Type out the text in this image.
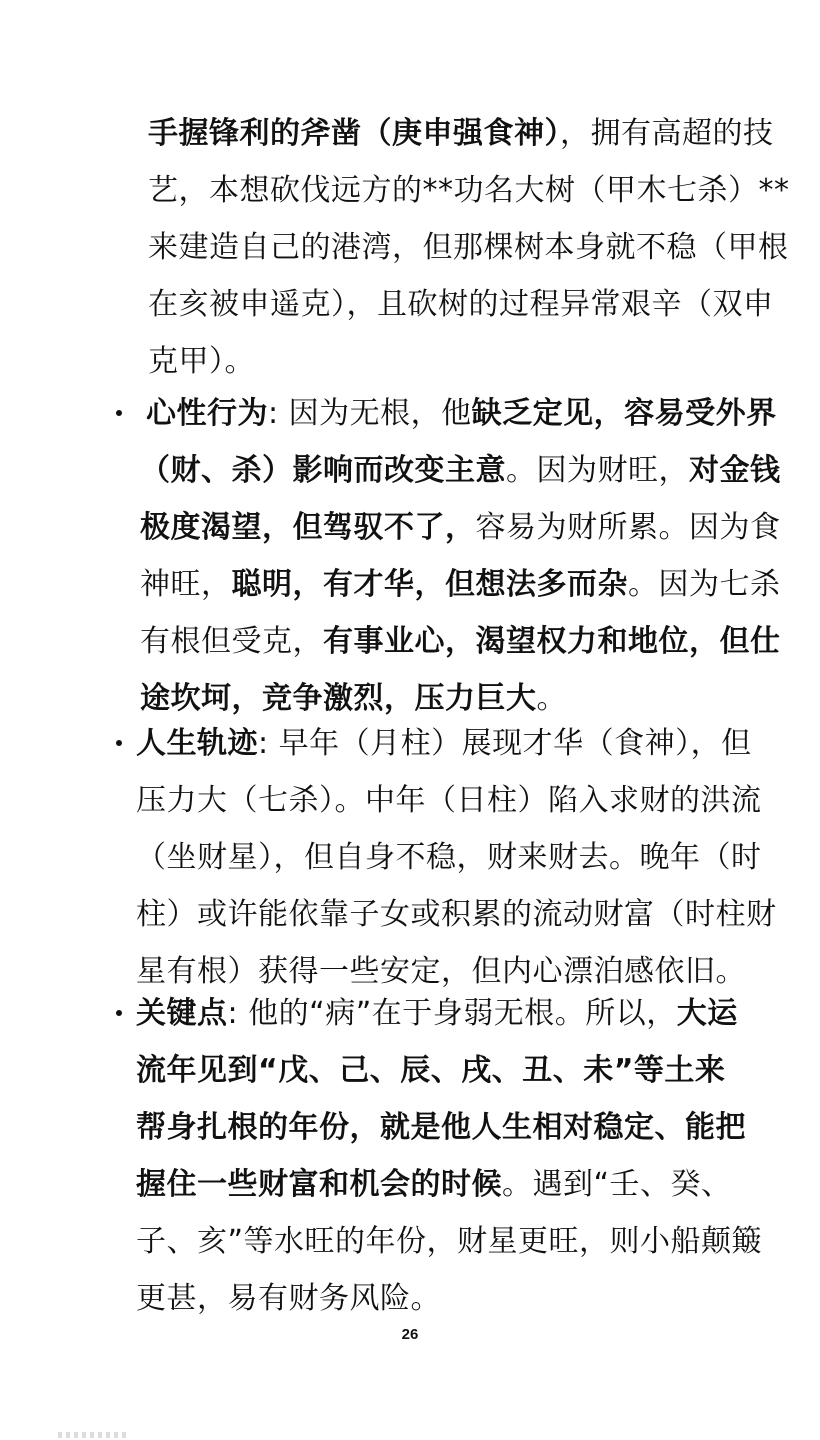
手握锋利的斧凿（庚申强食神），拥有高超的技
艺，本想砍伐远方的**功名大树（甲木七杀）**
来建造自己的港湾，但那棵树本身就不稳（甲根
在亥被申遥克），且砍树的过程异常艰辛（双申
克甲）。
心性行为: 因为无根，他缺乏定见，容易受外界
（财、杀）影响而改变主意。因为财旺，对金钱
极度渴望，但驾驭不了，容易为财所累。因为食
神旺，聪明，有才华，但想法多而杂。因为七杀
有根但受克，有事业心，渴望权力和地位，但仕
途坎坷，竞争激烈，压力巨大。
人生轨迹: 早年（月柱）展现才华（食神），但
压力大（七杀）。中年（日柱）陷入求财的洪流
（坐财星），但自身不稳，财来财去。晚年（时
柱）或许能依靠子女或积累的流动财富（时柱财
星有根）获得一些安定，但内心漂泊感依旧。
关键点: 他的“病”在于身弱无根。所以，大运
流年见到“戊、己、辰、戌、丑、未”等土来
帮身扎根的年份，就是他人生相对稳定、能把
握住一些财富和机会的时候。遇到“壬、癸、
子、亥”等水旺的年份，财星更旺，则小船颠簸
更甚，易有财务风险。
26
